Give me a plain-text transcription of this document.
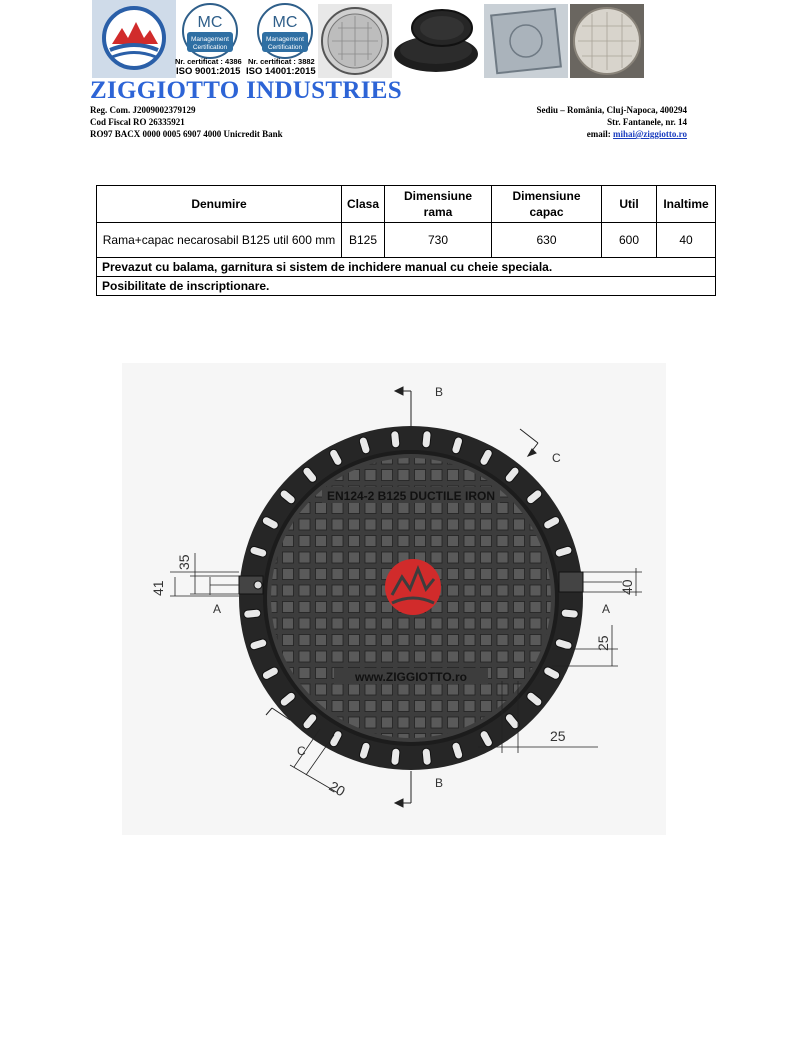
MC
Management
Certification
Nr. certificat : 4386
ISO 9001:2015
MC
Management
Certification
Nr. certificat : 3882
ISO 14001:2015
ZIGGIOTTO INDUSTRIES
Reg. Com. J2009002379129
Cod Fiscal RO 26335921
RO97 BACX 0000 0005 6907 4000 Unicredit Bank
Sediu – România, Cluj-Napoca, 400294
Str. Fantanele, nr. 14
email: mihai@ziggiotto.ro
Denumire	Clasa	Dimensiune rama	Dimensiune capac	Util	Inaltime
Rama+capac necarosabil B125 util 600 mm	B125	730	630	600	40
Prevazut cu balama, garnitura si sistem de inchidere manual cu cheie speciala.					
Posibilitate de inscriptionare.					
EN124-2 B125 DUCTILE IRON
www.ZIGGIOTTO.ro
B
B
C
C
35
41
A
40
A
25
25
20
